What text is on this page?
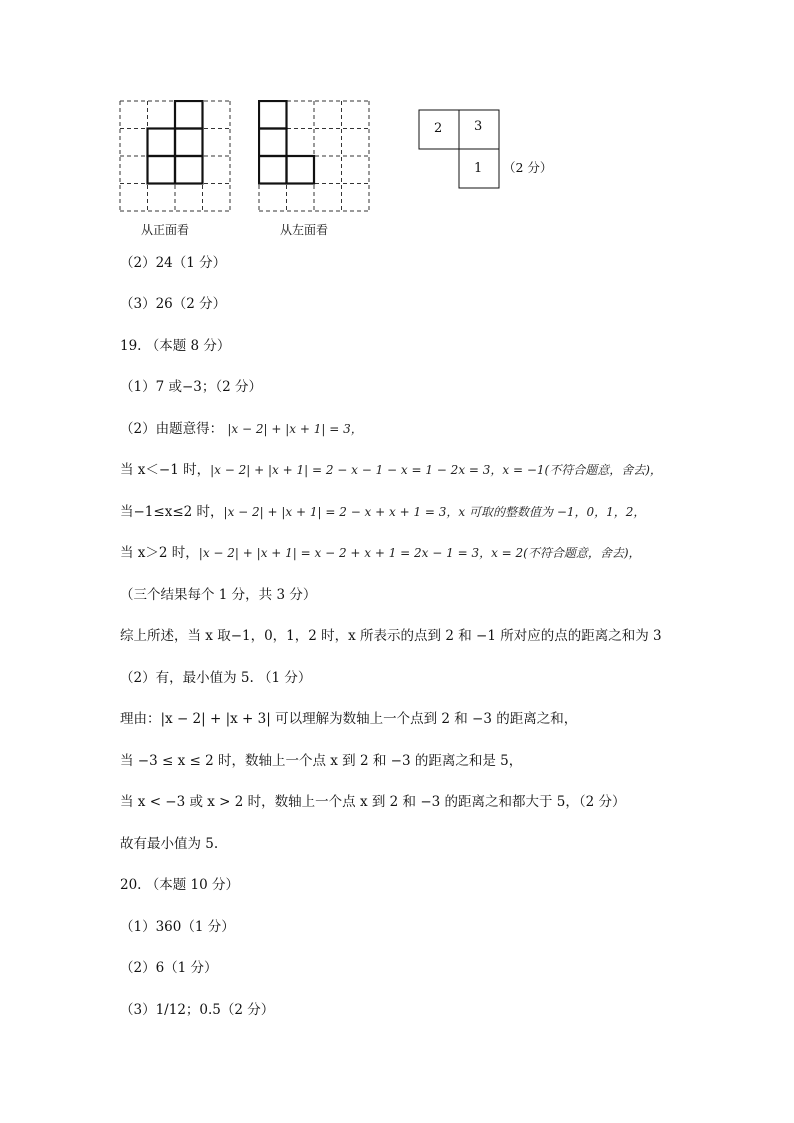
从正面看	从左面看
2 3
1 （2 分）
（2）24（1 分）
（3）26（2 分）
19. （本题 8 分）
（1）7 或−3；（2 分）
（2）由题意得： |x − 2| + |x + 1| = 3，
当 x＜−1 时，|x − 2| + |x + 1| = 2 − x − 1 − x = 1 − 2x = 3，x = −1(不符合题意，舍去)，
当−1≤x≤2 时，|x − 2| + |x + 1| = 2 − x + x + 1 = 3，x 可取的整数值为 −1，0，1，2，
当 x＞2 时，|x − 2| + |x + 1| = x − 2 + x + 1 = 2x − 1 = 3，x = 2(不符合题意，舍去)，
（三个结果每个 1 分，共 3 分）
综上所述，当 x 取−1，0，1，2 时，x 所表示的点到 2 和 −1 所对应的点的距离之和为 3
（2）有，最小值为 5. （1 分）
理由：|x − 2| + |x + 3| 可以理解为数轴上一个点到 2 和 −3 的距离之和，
当 −3 ≤ x ≤ 2 时，数轴上一个点 x 到 2 和 −3 的距离之和是 5，
当 x < −3 或 x > 2 时，数轴上一个点 x 到 2 和 −3 的距离之和都大于 5，（2 分）
故有最小值为 5.
20. （本题 10 分）
（1）360（1 分）
（2）6（1 分）
（3）1/12；0.5（2 分）
